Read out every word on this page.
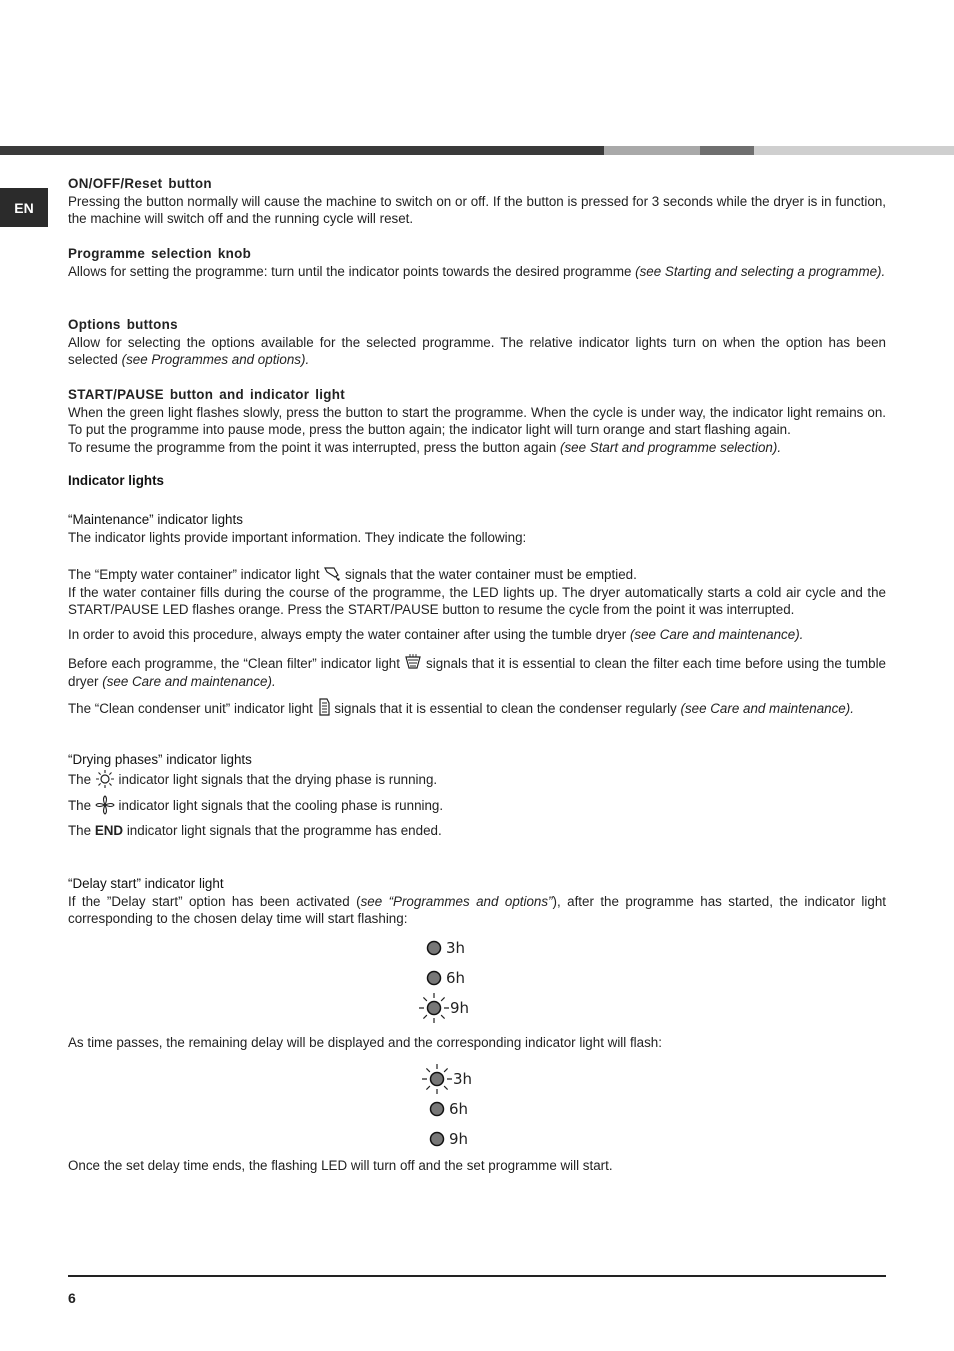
EN

ON/OFF/Reset button

Pressing the button normally will cause the machine to switch on or off. If the button is pressed for 3 seconds while the dryer is in function, the machine will switch off and the running cycle will reset.

Programme selection knob

Allows for setting the programme: turn until the indicator points towards the desired programme (see Starting and selecting a programme).

Options buttons

Allow for selecting the options available for the selected programme. The relative indicator lights turn on when the option has been selected (see Programmes and options).

START/PAUSE button and indicator light

When the green light flashes slowly, press the button to start the programme. When the cycle is under way, the indicator light remains on. To put the programme into pause mode, press the button again; the indicator light will turn orange and start flashing again.

To resume the programme from the point it was interrupted, press the button again (see Start and programme selection).

Indicator lights

“Maintenance” indicator lights

The indicator lights provide important information. They indicate the following:

The “Empty water container” indicator light signals that the water container must be emptied.

If the water container fills during the course of the programme, the LED lights up. The dryer automatically starts a cold air cycle and the START/PAUSE LED flashes orange. Press the START/PAUSE button to resume the cycle from the point it was interrupted.

In order to avoid this procedure, always empty the water container after using the tumble dryer (see Care and maintenance).

Before each programme, the “Clean filter” indicator light signals that it is essential to clean the filter each time before using the tumble dryer (see Care and maintenance).

The “Clean condenser unit” indicator light signals that it is essential to clean the condenser regularly (see Care and maintenance).

“Drying phases” indicator lights

The indicator light signals that the drying phase is running.

The indicator light signals that the cooling phase is running.

The END indicator light signals that the programme has ended.

“Delay start” indicator light

If the ”Delay start” option has been activated (see “Programmes and options”), after the programme has started, the indicator light corresponding to the chosen delay time will start flashing:

3h
6h
9h

As time passes, the remaining delay will be displayed and the corresponding indicator light will flash:

3h
6h
9h

Once the set delay time ends, the flashing LED will turn off and the set programme will start.

6
